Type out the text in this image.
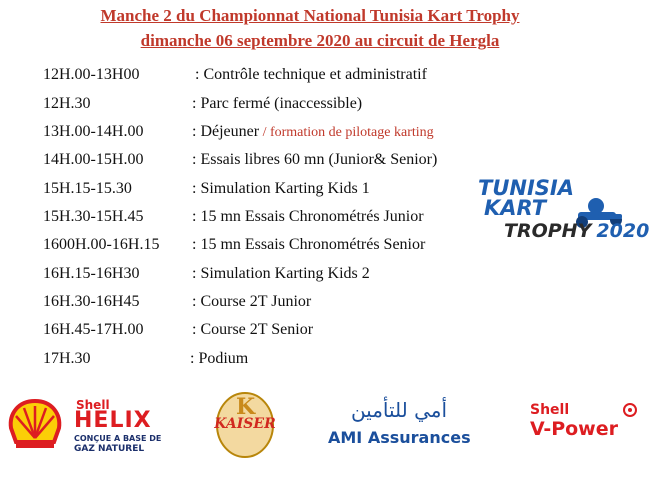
Manche 2 du Championnat National Tunisia Kart Trophy
dimanche 06 septembre 2020 au circuit de Hergla
12H.00-13H00	: Contrôle technique et administratif
12H.30	: Parc fermé (inaccessible)
13H.00-14H.00	: Déjeuner / formation de pilotage karting
14H.00-15H.00	: Essais libres 60 mn (Junior& Senior)
15H.15-15.30	: Simulation Karting Kids 1
15H.30-15H.45	: 15 mn Essais Chronométrés Junior
1600H.00-16H.15 : 15 mn Essais Chronométrés Senior
16H.15-16H30	: Simulation Karting Kids 2
16H.30-16H45	: Course 2T Junior
16H.45-17H.00	: Course 2T Senior
17H.30	: Podium
TUNISIA
KART
TROPHY 2020
Shell
HELIX
CONÇUE A BASE DE
GAZ NATUREL
K
KAISER
أمي للتأمين
AMI Assurances
Shell
V-Power
